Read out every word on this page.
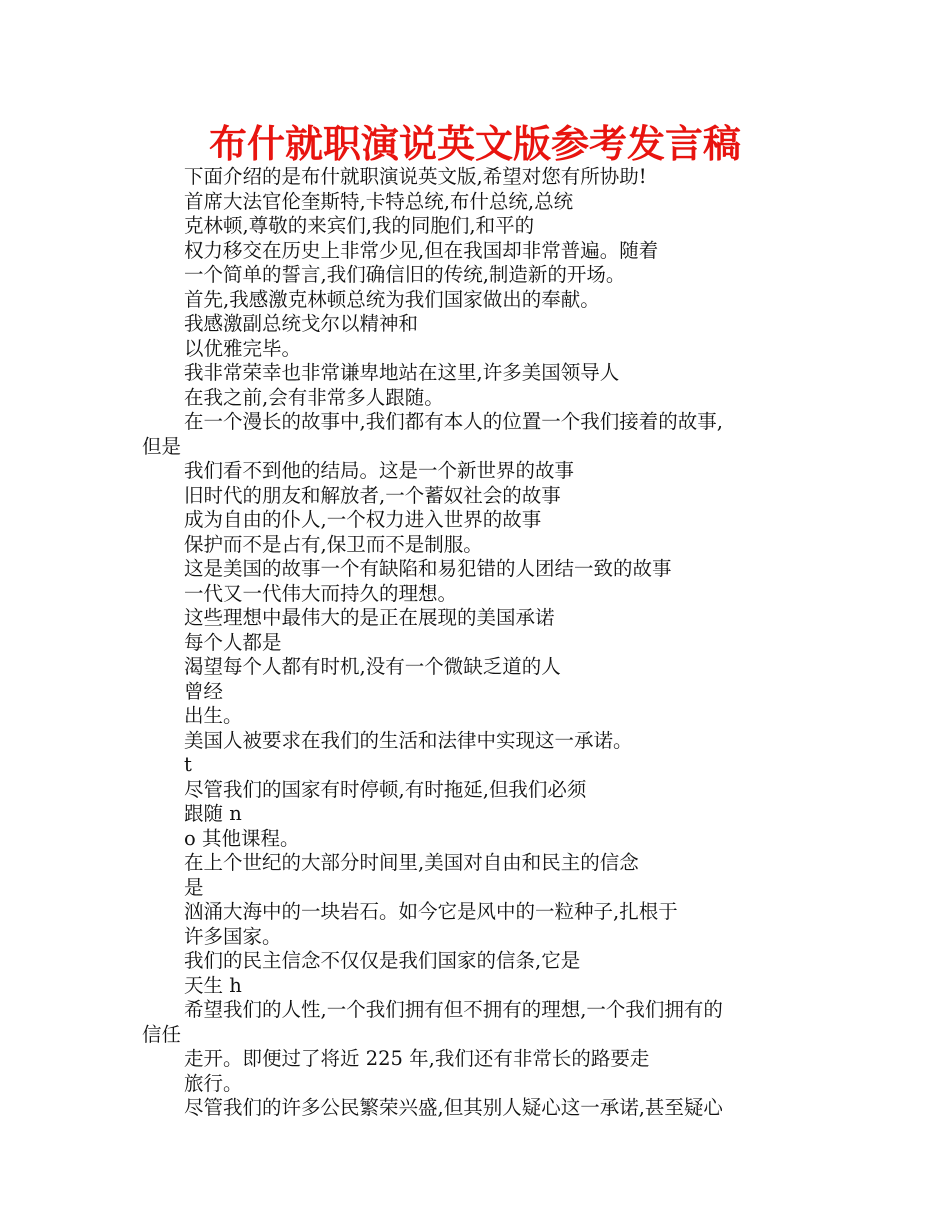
布什就职演说英文版参考发言稿

下面介绍的是布什就职演说英文版,希望对您有所协助!

首席大法官伦奎斯特,卡特总统,布什总统,总统

克林顿,尊敬的来宾们,我的同胞们,和平的

权力移交在历史上非常少见,但在我国却非常普遍。随着

一个简单的誓言,我们确信旧的传统,制造新的开场。

首先,我感激克林顿总统为我们国家做出的奉献。

我感激副总统戈尔以精神和

以优雅完毕。

我非常荣幸也非常谦卑地站在这里,许多美国领导人

在我之前,会有非常多人跟随。

在一个漫长的故事中,我们都有本人的位置一个我们接着的故事,

但是

我们看不到他的结局。这是一个新世界的故事

旧时代的朋友和解放者,一个蓄奴社会的故事

成为自由的仆人,一个权力进入世界的故事

保护而不是占有,保卫而不是制服。

这是美国的故事一个有缺陷和易犯错的人团结一致的故事

一代又一代伟大而持久的理想。

这些理想中最伟大的是正在展现的美国承诺

每个人都是

渴望每个人都有时机,没有一个微缺乏道的人

曾经

出生。

美国人被要求在我们的生活和法律中实现这一承诺。

t

尽管我们的国家有时停顿,有时拖延,但我们必须

跟随 n

o 其他课程。

在上个世纪的大部分时间里,美国对自由和民主的信念

是

汹涌大海中的一块岩石。如今它是风中的一粒种子,扎根于

许多国家。

我们的民主信念不仅仅是我们国家的信条,它是

天生 h

希望我们的人性,一个我们拥有但不拥有的理想,一个我们拥有的

信任

走开。即便过了将近 225 年,我们还有非常长的路要走

旅行。

尽管我们的许多公民繁荣兴盛,但其别人疑心这一承诺,甚至疑心
